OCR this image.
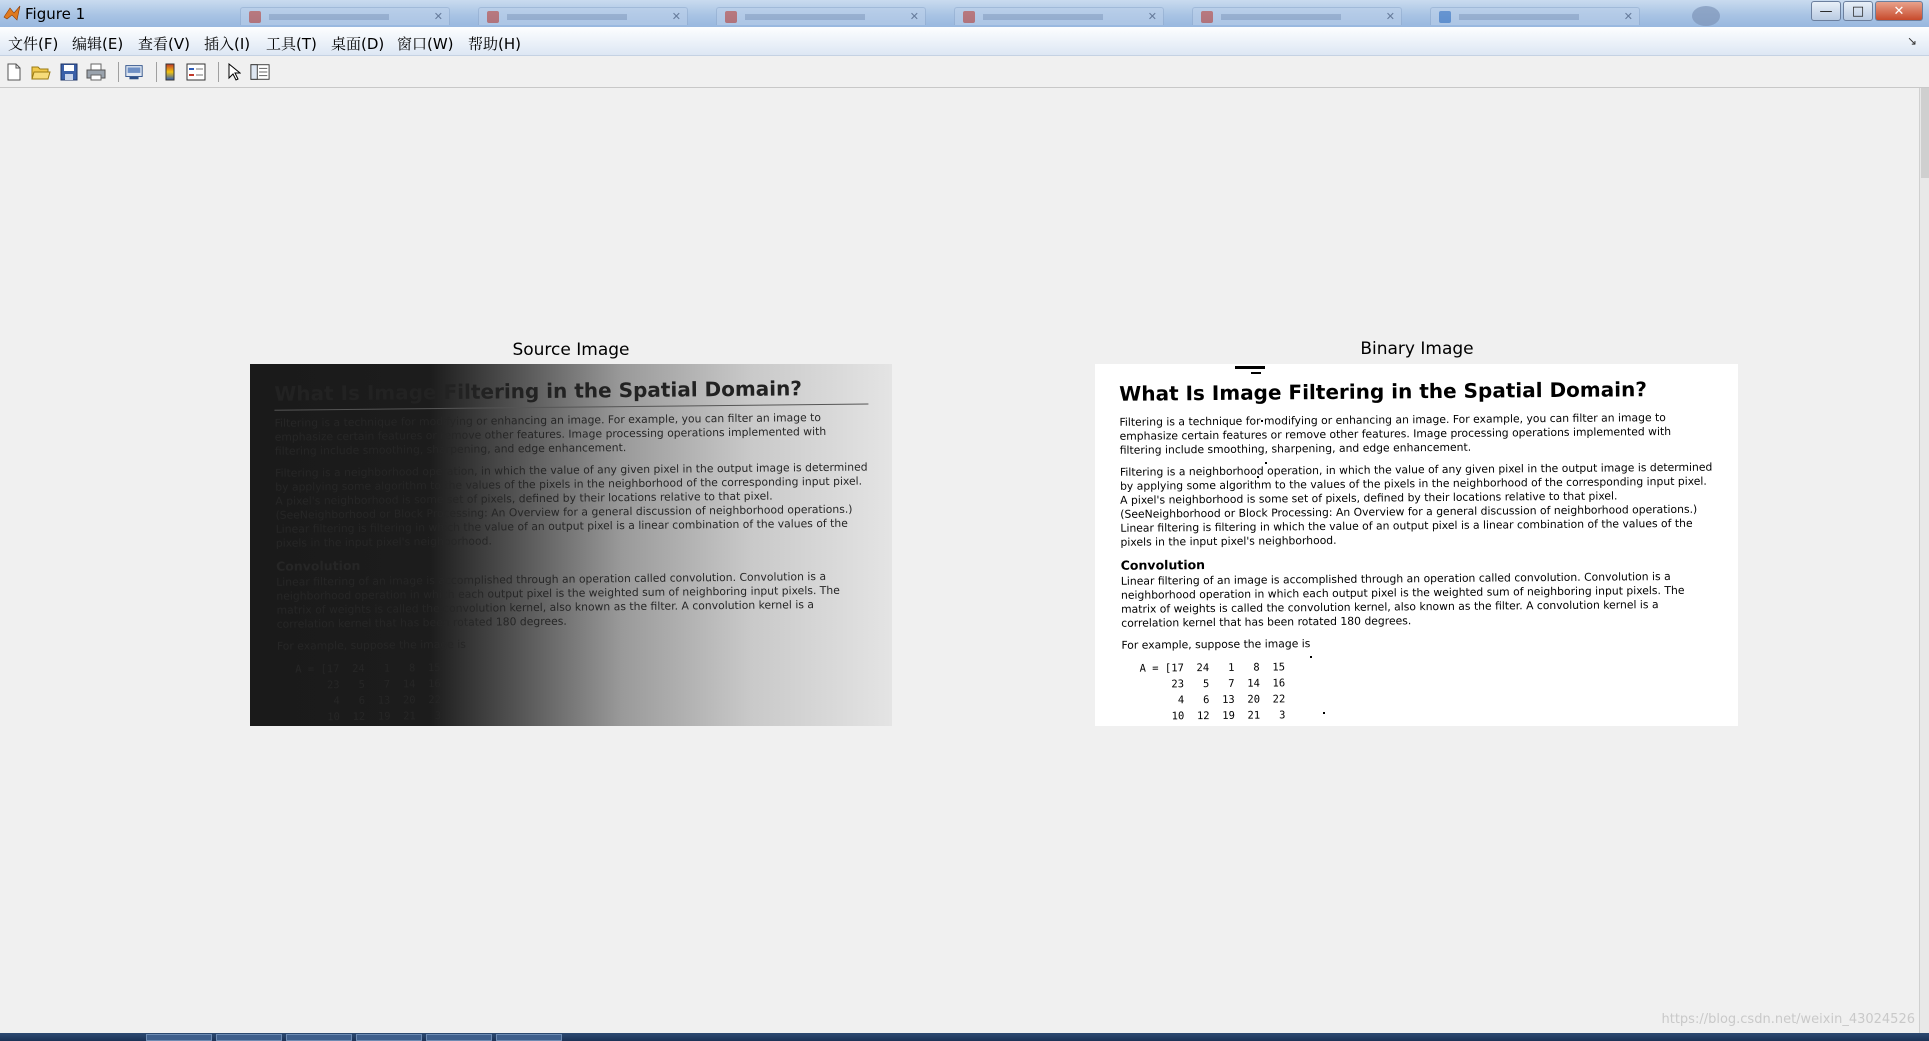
Figure 1	✕	✕	✕	✕	✕	✕	—	□	✕
文件(F) 编辑(E) 查看(V) 插入(I) 工具(T) 桌面(D) 窗口(W) 帮助(H)	↘
Source Image
What Is Image Filtering in the Spatial Domain?

Filtering is a technique for modifying or enhancing an image. For example, you can filter an image to emphasize certain features or remove other features. Image processing operations implemented with filtering include smoothing, sharpening, and edge enhancement.

Filtering is a neighborhood operation, in which the value of any given pixel in the output image is determined by applying some algorithm to the values of the pixels in the neighborhood of the corresponding input pixel. A pixel's neighborhood is some set of pixels, defined by their locations relative to that pixel. (SeeNeighborhood or Block Processing: An Overview for a general discussion of neighborhood operations.) Linear filtering is filtering in which the value of an output pixel is a linear combination of the values of the pixels in the input pixel's neighborhood.

Convolution

Linear filtering of an image is accomplished through an operation called convolution. Convolution is a neighborhood operation in which each output pixel is the weighted sum of neighboring input pixels. The matrix of weights is called the convolution kernel, also known as the filter. A convolution kernel is a correlation kernel that has been rotated 180 degrees.

For example, suppose the image is

A = [17  24   1   8  15
23   5   7  14  16
4   6  13  20  22
10  12  19  21   3
Binary Image
What Is Image Filtering in the Spatial Domain?

Filtering is a technique for modifying or enhancing an image. For example, you can filter an image to emphasize certain features or remove other features. Image processing operations implemented with filtering include smoothing, sharpening, and edge enhancement.

Filtering is a neighborhood operation, in which the value of any given pixel in the output image is determined by applying some algorithm to the values of the pixels in the neighborhood of the corresponding input pixel. A pixel's neighborhood is some set of pixels, defined by their locations relative to that pixel. (SeeNeighborhood or Block Processing: An Overview for a general discussion of neighborhood operations.) Linear filtering is filtering in which the value of an output pixel is a linear combination of the values of the pixels in the input pixel's neighborhood.

Convolution

Linear filtering of an image is accomplished through an operation called convolution. Convolution is a neighborhood operation in which each output pixel is the weighted sum of neighboring input pixels. The matrix of weights is called the convolution kernel, also known as the filter. A convolution kernel is a correlation kernel that has been rotated 180 degrees.

For example, suppose the image is

A = [17  24   1   8  15
23   5   7  14  16
4   6  13  20  22
10  12  19  21   3
https://blog.csdn.net/weixin_43024526
